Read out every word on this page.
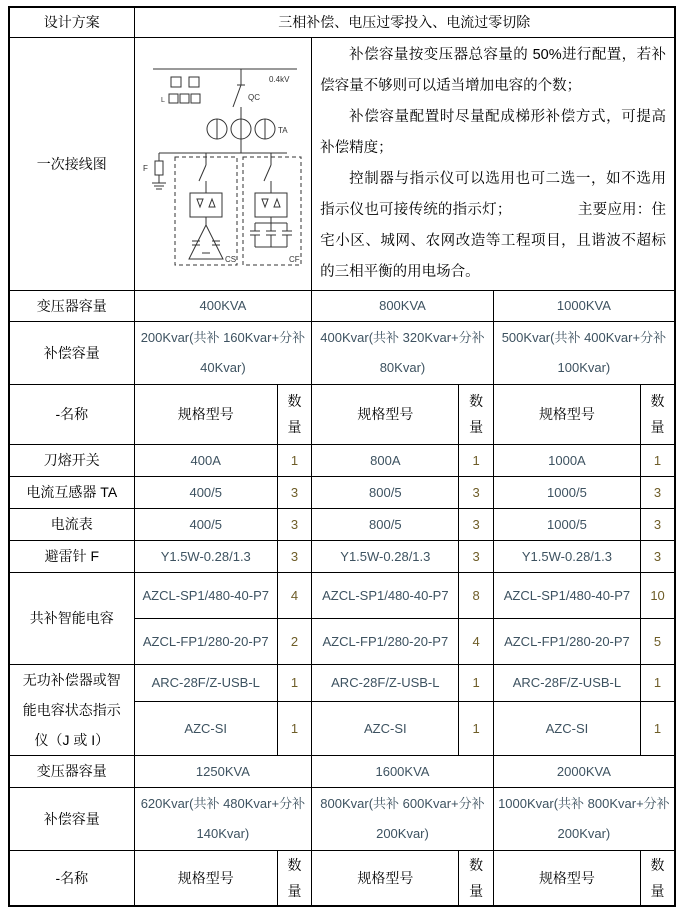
设计方案	三相补偿、电压过零投入、电流过零切除					
一次接线图	
0.4kV
L	QC
TA
F
CS	CF

补偿容量按变压器总容量的 50%进行配置，若补偿容量不够则可以适当增加电容的个数；

补偿容量配置时尽量配成梯形补偿方式，可提高补偿精度；

控制器与指示仪可以选用也可二选一，如不选用指示仪也可接传统的指示灯；　　　　　主要应用：住宅小区、城网、农网改造等工程项目，且谐波不超标的三相平衡的用电场合。

变压器容量	400KVA		800KVA		1000KVA	
补偿容量	200Kvar(共补 160Kvar+分补 40Kvar)		400Kvar(共补 320Kvar+分补 80Kvar)		500Kvar(共补 400Kvar+分补 100Kvar)	
-名称	规格型号	数量	规格型号	数量	规格型号	数量
刀熔开关	400A	1	800A	1	1000A	1
电流互感器 TA	400/5	3	800/5	3	1000/5	3
电流表	400/5	3	800/5	3	1000/5	3
避雷针 F	Y1.5W-0.28/1.3	3	Y1.5W-0.28/1.3	3	Y1.5W-0.28/1.3	3
共补智能电容	AZCL-SP1/480-40-P7	4	AZCL-SP1/480-40-P7	8	AZCL-SP1/480-40-P7	10
	AZCL-FP1/280-20-P7	2	AZCL-FP1/280-20-P7	4	AZCL-FP1/280-20-P7	5
无功补偿器或智能电容状态指示仪（J 或 I）	ARC-28F/Z-USB-L	1	ARC-28F/Z-USB-L	1	ARC-28F/Z-USB-L	1
	AZC-SI	1	AZC-SI	1	AZC-SI	1
变压器容量	1250KVA		1600KVA		2000KVA	
补偿容量	620Kvar(共补 480Kvar+分补 140Kvar)		800Kvar(共补 600Kvar+分补 200Kvar)		1000Kvar(共补 800Kvar+分补 200Kvar)	
-名称	规格型号	数量	规格型号	数量	规格型号	数量
